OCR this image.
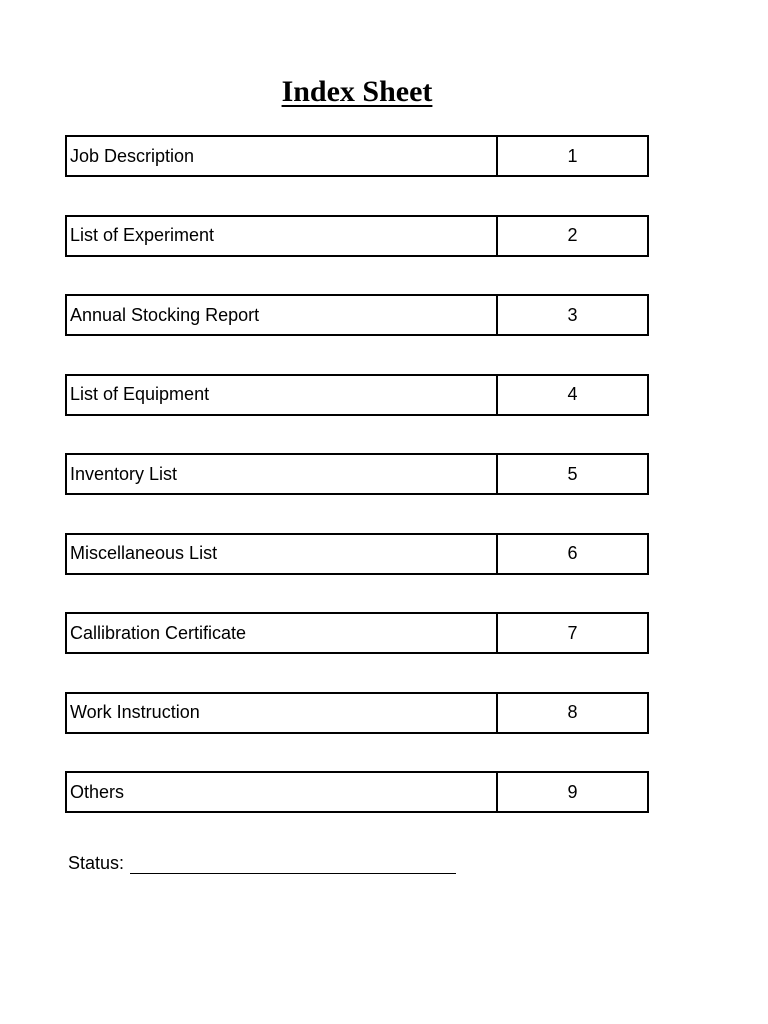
Index Sheet
Job Description	1
List of Experiment	2
Annual Stocking Report	3
List of Equipment	4
Inventory List	5
Miscellaneous List	6
Callibration Certificate	7
Work Instruction	8
Others	9
Status:
